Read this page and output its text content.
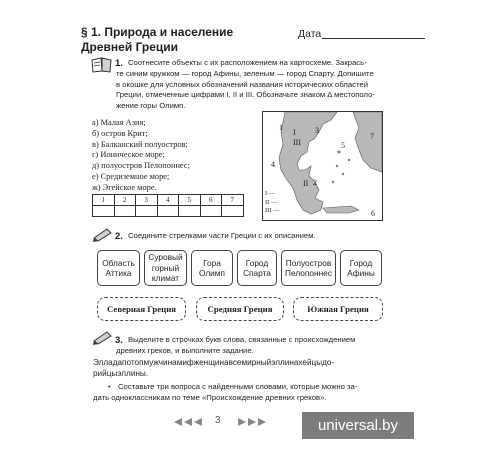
§ 1. Природа и население
Древней Греции
Дата
1. Соотнесите объекты с их расположением на картосхеме. Закрась-
те синим кружком — город Афины, зеленым — город Спарту. Допишите
в окошке для условных обозначений названия исторических областей
Греции, отмеченные цифрами I, II и III. Обозначьте знаком Δ местополо-
жение горы Олимп.
а) Малая Азия;
б) остров Крит;
в) Балканский полуостров;
г) Ионическое море;
д) полуостров Пелопоннес;
е) Средиземное море;
ж) Эгейское море.
1	2	3	4	5	6	7

1
2
3
4
5
6
7
I
II
III
I —
II —
III —
2. Соедините стрелками части Греции с их описанием.
Область
Аттика
Суровый
горный
климат
Гора
Олимп
Город
Спарта
Полуостров
Пелопоннес
Город
Афины
Северная Греция	Средняя Греция	Южная Греция
3. Выделите в строчках букв слова, связанные с происхождением
древних греков, и выполните задание.
Элладапотопмужчинамифженщинавсемирныйэллинахейцыдо-
рийцыэллины.
• Составьте три вопроса с найденными словами, которые можно за-
дать одноклассникам по теме «Происхождение древних греков».
3	universal.by
